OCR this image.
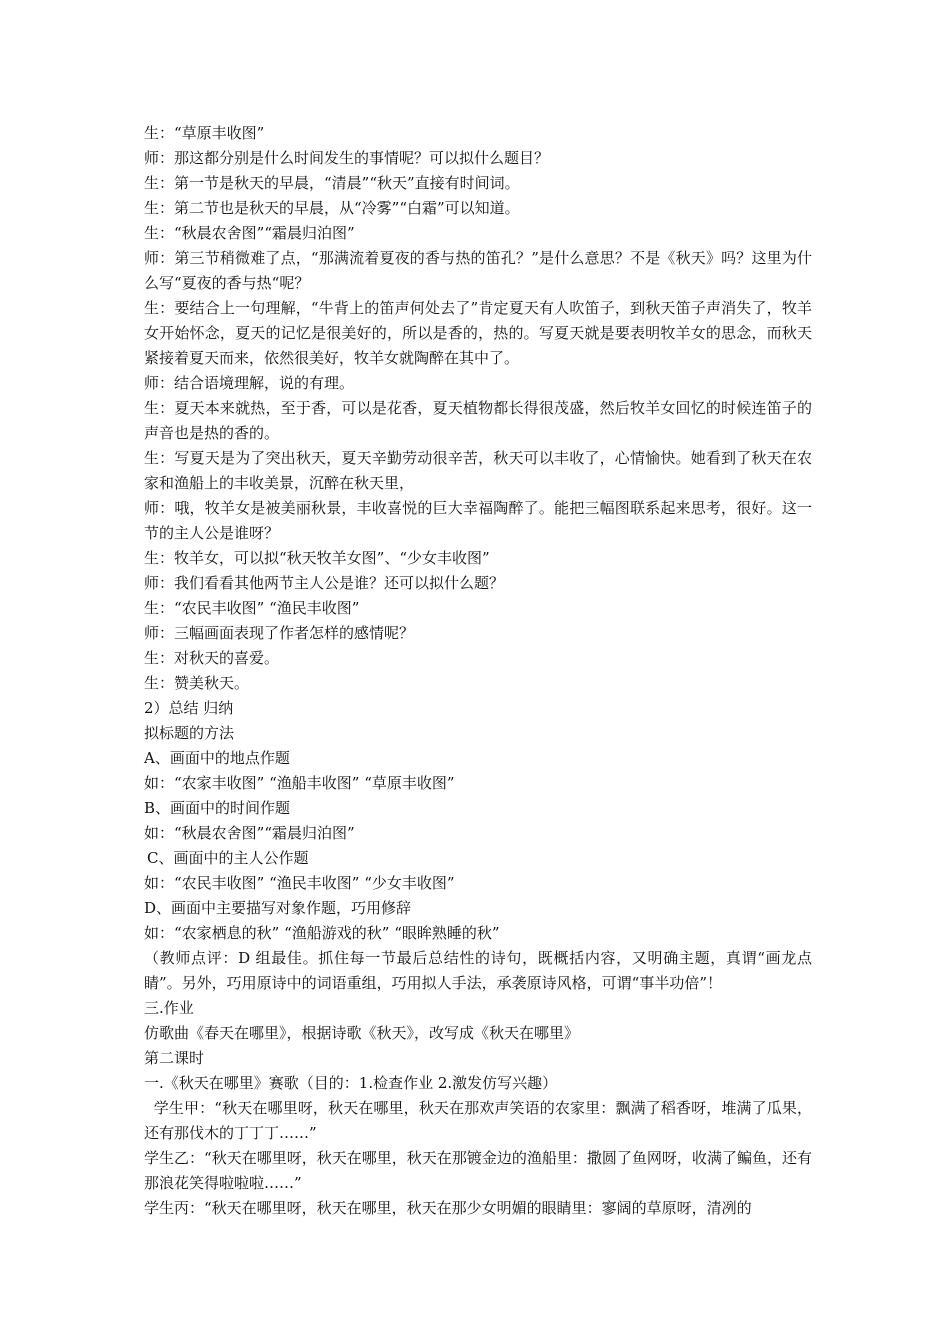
生：“草原丰收图”

师：那这都分别是什么时间发生的事情呢？可以拟什么题目？

生：第一节是秋天的早晨，“清晨”“秋天”直接有时间词。

生：第二节也是秋天的早晨，从“冷雾”“白霜”可以知道。

生：“秋晨农舍图”“霜晨归泊图”

师：第三节稍微难了点，“那满流着夏夜的香与热的笛孔？”是什么意思？不是《秋天》吗？这里为什么写“夏夜的香与热“呢？

生：要结合上一句理解，“牛背上的笛声何处去了”肯定夏天有人吹笛子，到秋天笛子声消失了，牧羊女开始怀念，夏天的记忆是很美好的，所以是香的，热的。写夏天就是要表明牧羊女的思念，而秋天紧接着夏天而来，依然很美好，牧羊女就陶醉在其中了。

师：结合语境理解，说的有理。

生：夏天本来就热，至于香，可以是花香，夏天植物都长得很茂盛，然后牧羊女回忆的时候连笛子的声音也是热的香的。

生：写夏天是为了突出秋天，夏天辛勤劳动很辛苦，秋天可以丰收了，心情愉快。她看到了秋天在农家和渔船上的丰收美景，沉醉在秋天里，

师：哦，牧羊女是被美丽秋景，丰收喜悦的巨大幸福陶醉了。能把三幅图联系起来思考，很好。这一节的主人公是谁呀？

生：牧羊女，可以拟“秋天牧羊女图”、“少女丰收图”

师：我们看看其他两节主人公是谁？还可以拟什么题？

生：“农民丰收图” “渔民丰收图”

师：三幅画面表现了作者怎样的感情呢？

生：对秋天的喜爱。

生：赞美秋天。

2）总结 归纳

拟标题的方法

A、画面中的地点作题

如：“农家丰收图” “渔船丰收图” “草原丰收图”

B、画面中的时间作题

如：“秋晨农舍图”“霜晨归泊图”

C、画面中的主人公作题

如：“农民丰收图” “渔民丰收图” “少女丰收图”

D、画面中主要描写对象作题，巧用修辞

如：“农家栖息的秋” “渔船游戏的秋” “眼眸熟睡的秋”

（教师点评：D 组最佳。抓住每一节最后总结性的诗句，既概括内容，又明确主题，真谓“画龙点睛”。另外，巧用原诗中的词语重组，巧用拟人手法，承袭原诗风格，可谓“事半功倍”！

三.作业

仿歌曲《春天在哪里》，根据诗歌《秋天》，改写成《秋天在哪里》

第二课时

一.《秋天在哪里》赛歌（目的：1.检查作业 2.激发仿写兴趣）

学生甲：“秋天在哪里呀，秋天在哪里，秋天在那欢声笑语的农家里：飘满了稻香呀，堆满了瓜果，还有那伐木的丁丁丁……”

学生乙：“秋天在哪里呀，秋天在哪里，秋天在那镀金边的渔船里：撒圆了鱼网呀，收满了鳊鱼，还有那浪花笑得啦啦啦……”

学生丙：“秋天在哪里呀，秋天在哪里，秋天在那少女明媚的眼睛里：寥阔的草原呀，清冽的
